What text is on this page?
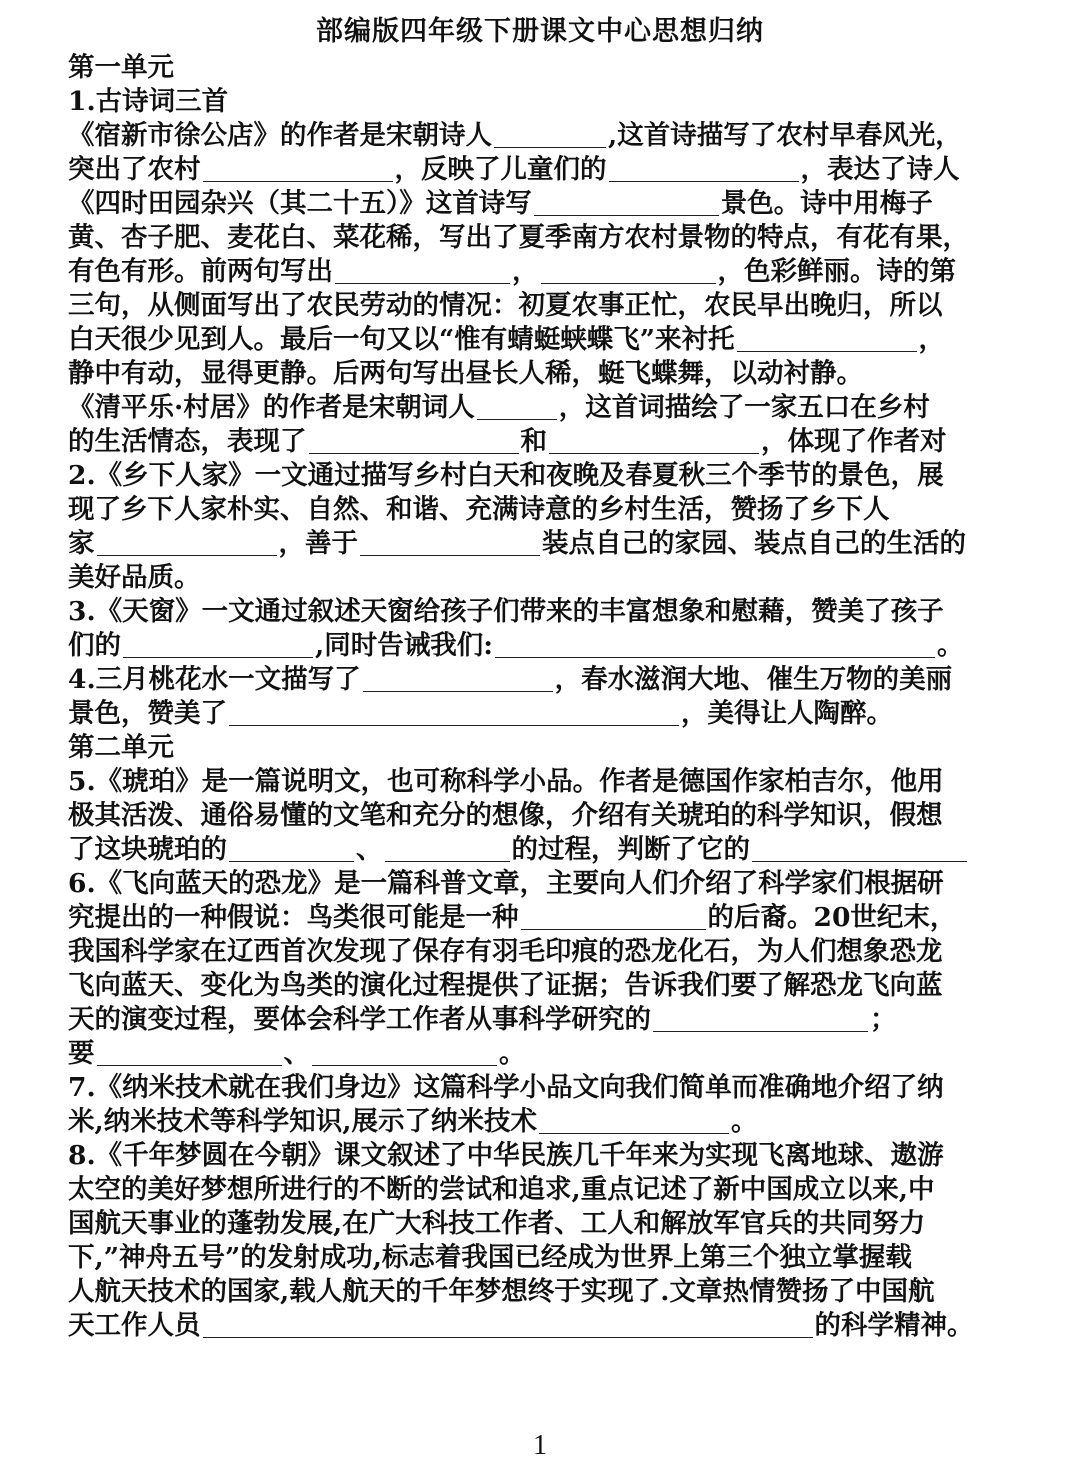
部编版四年级下册课文中心思想归纳
第一单元
1.古诗词三首
《宿新市徐公店》的作者是宋朝诗人	,这首诗描写了农村早春风光，
突出了农村	，反映了儿童们的	，表达了诗人
《四时田园杂兴（其二十五）》这首诗写	景色。诗中用梅子
黄、杏子肥、麦花白、菜花稀，写出了夏季南方农村景物的特点，有花有果，
有色有形。前两句写出	，	，色彩鲜丽。诗的第
三句，从侧面写出了农民劳动的情况：初夏农事正忙，农民早出晚归，所以
白天很少见到人。最后一句又以“惟有蜻蜓蛱蝶飞”来衬托	，
静中有动，显得更静。后两句写出昼长人稀，蜓飞蝶舞，以动衬静。
《清平乐·村居》的作者是宋朝词人	，这首词描绘了一家五口在乡村
的生活情态，表现了	和	，体现了作者对
2.《乡下人家》一文通过描写乡村白天和夜晚及春夏秋三个季节的景色，展
现了乡下人家朴实、自然、和谐、充满诗意的乡村生活，赞扬了乡下人
家	，善于	装点自己的家园、装点自己的生活的
美好品质。
3.《天窗》一文通过叙述天窗给孩子们带来的丰富想象和慰藉，赞美了孩子
们的	,同时告诫我们:	。
4.三月桃花水一文描写了	，春水滋润大地、催生万物的美丽
景色，赞美了	，美得让人陶醉。
第二单元
5.《琥珀》是一篇说明文，也可称科学小品。作者是德国作家柏吉尔，他用
极其活泼、通俗易懂的文笔和充分的想像，介绍有关琥珀的科学知识，假想
了这块琥珀的	、	的过程，判断了它的
6.《飞向蓝天的恐龙》是一篇科普文章，主要向人们介绍了科学家们根据研
究提出的一种假说：鸟类很可能是一种	的后裔。20世纪末，
我国科学家在辽西首次发现了保存有羽毛印痕的恐龙化石，为人们想象恐龙
飞向蓝天、变化为鸟类的演化过程提供了证据；告诉我们要了解恐龙飞向蓝
天的演变过程，要体会科学工作者从事科学研究的	；
要	、	。
7.《纳米技术就在我们身边》这篇科学小品文向我们简单而准确地介绍了纳
米,纳米技术等科学知识,展示了纳米技术	。
8.《千年梦圆在今朝》课文叙述了中华民族几千年来为实现飞离地球、遨游
太空的美好梦想所进行的不断的尝试和追求,重点记述了新中国成立以来,中
国航天事业的蓬勃发展,在广大科技工作者、工人和解放军官兵的共同努力
下,”神舟五号”的发射成功,标志着我国已经成为世界上第三个独立掌握载
人航天技术的国家,载人航天的千年梦想终于实现了.文章热情赞扬了中国航
天工作人员	的科学精神。
1
